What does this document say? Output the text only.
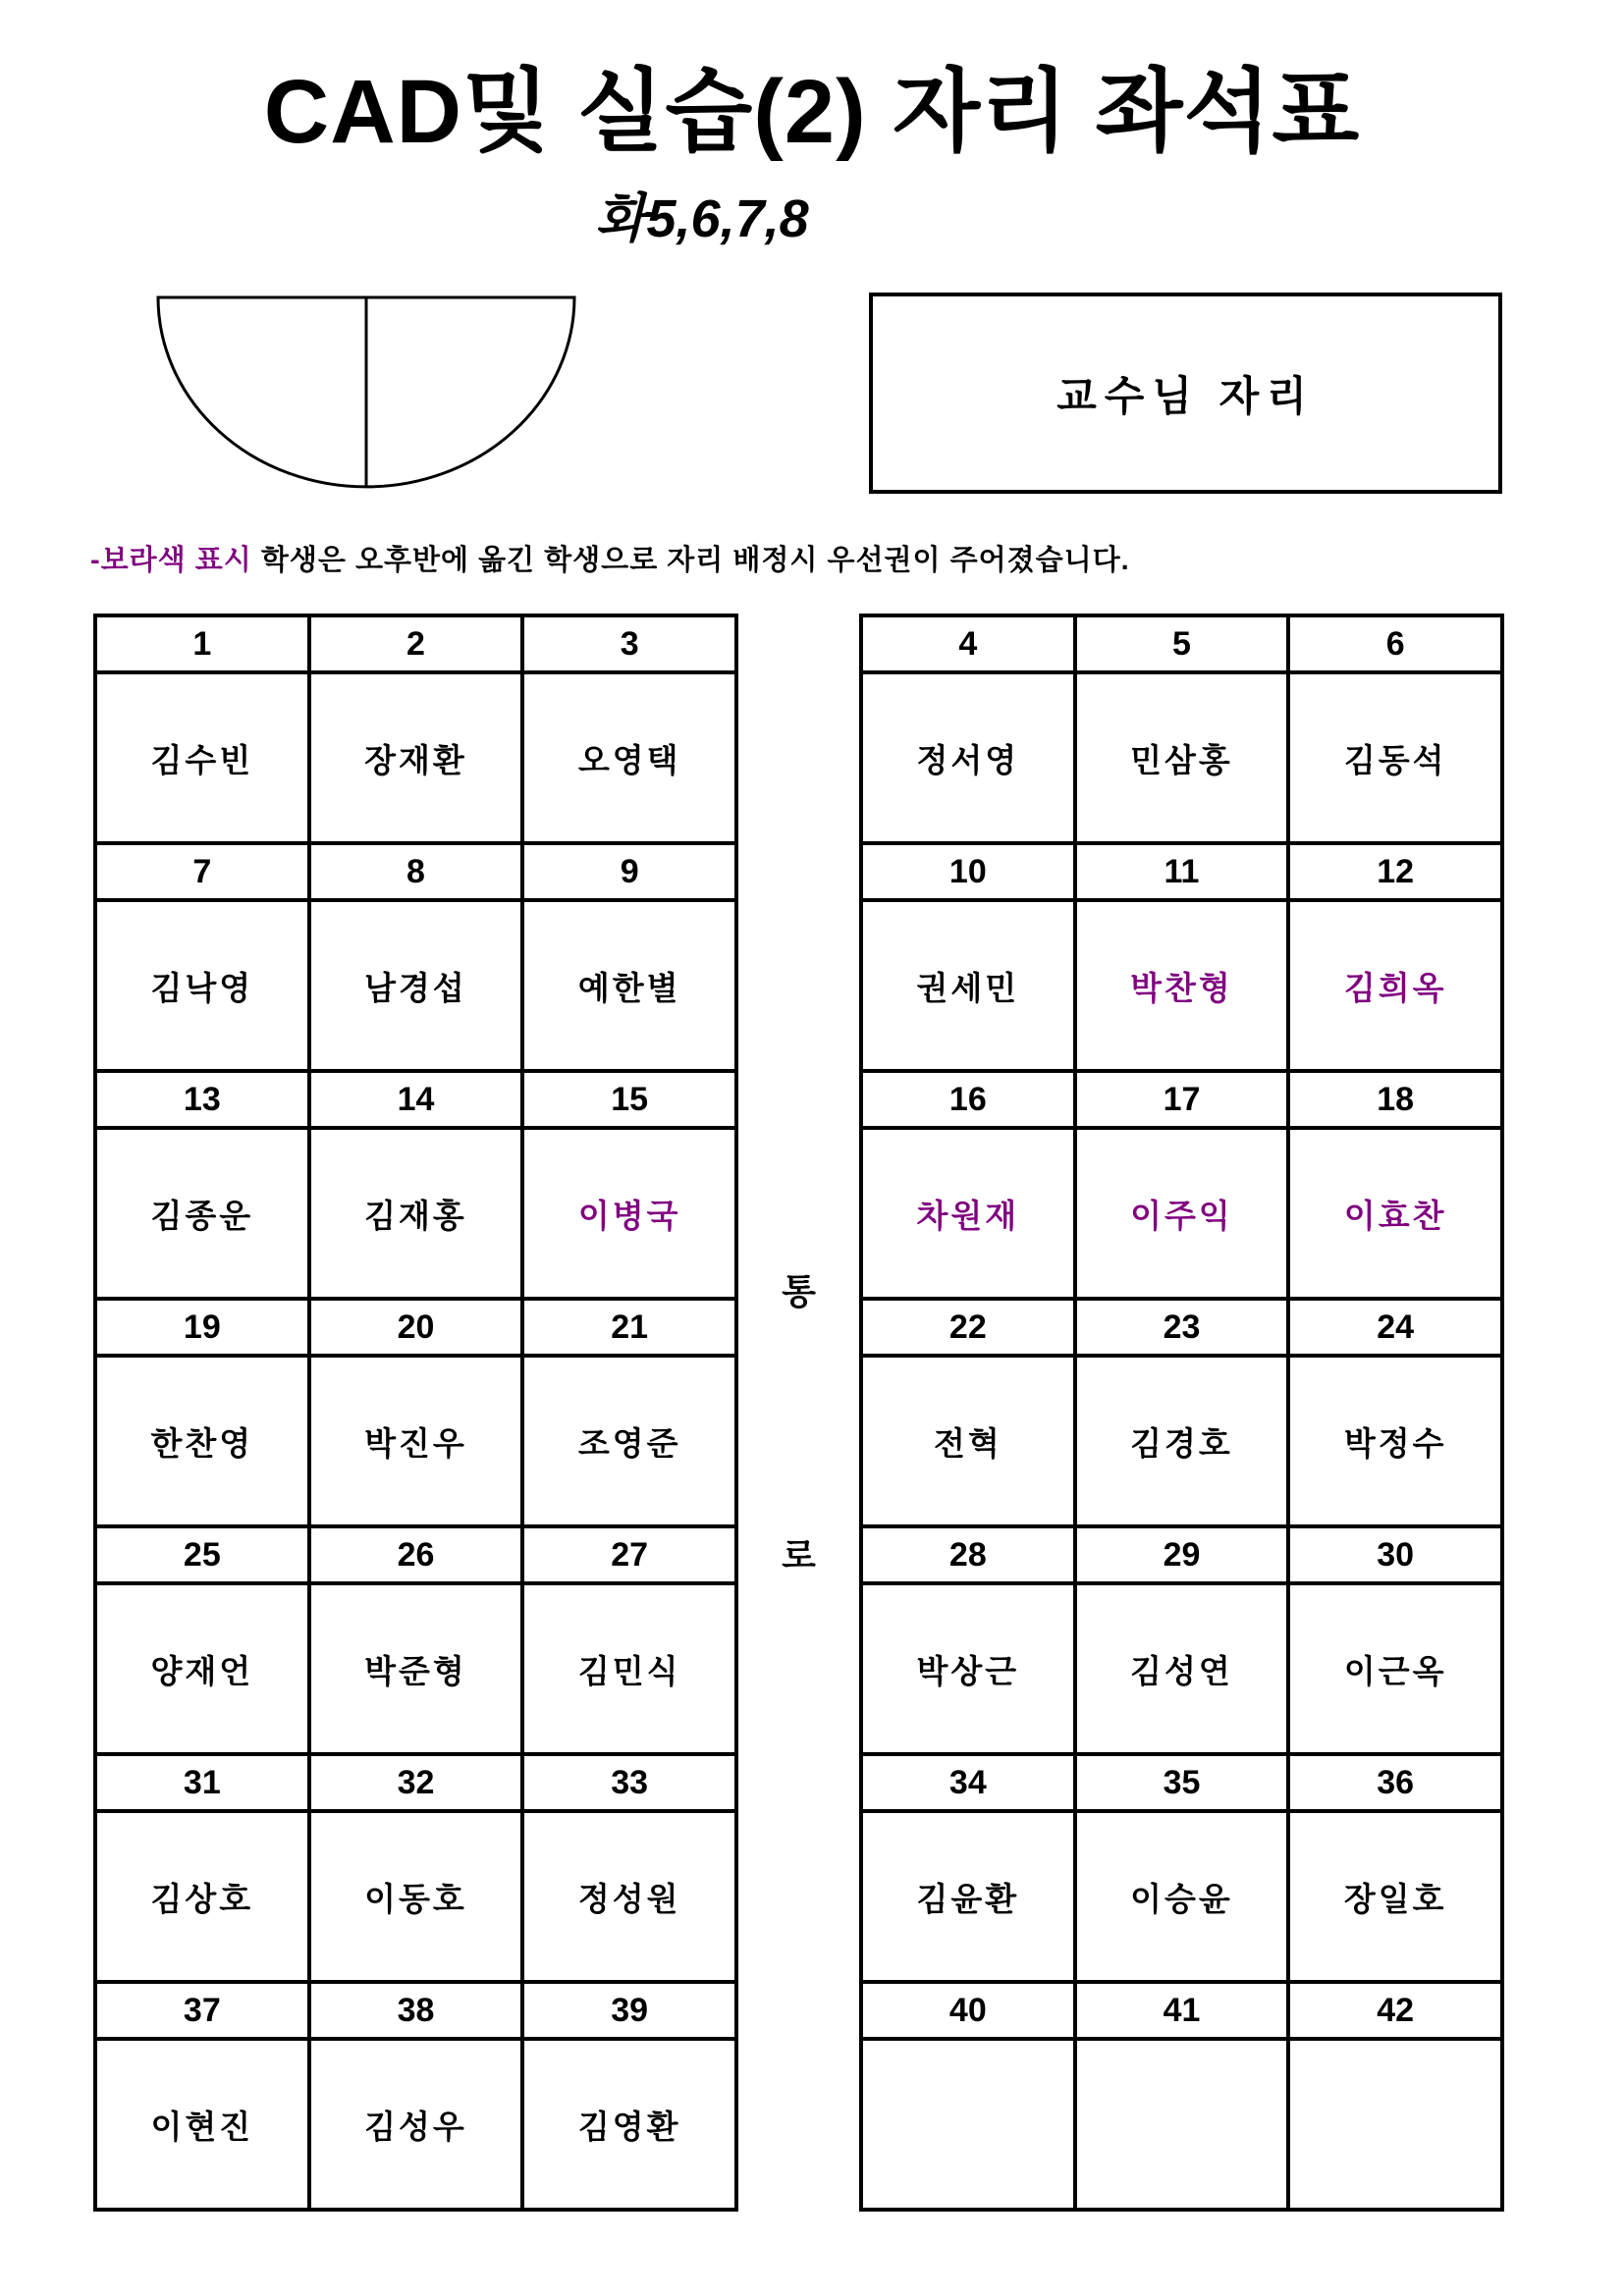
CAD및 실습(2) 자리 좌석표
화5,6,7,8
교수님 자리
-보라색 표시 학생은 오후반에 옮긴 학생으로 자리 배정시 우선권이 주어졌습니다.
1	2	3
김수빈	장재환	오영택
7	8	9
김낙영	남경섭	예한별
13	14	15
김종운	김재홍	이병국
19	20	21
한찬영	박진우	조영준
25	26	27
양재언	박준형	김민식
31	32	33
김상호	이동호	정성원
37	38	39
이현진	김성우	김영환
통
로
4	5	6
정서영	민삼홍	김동석
10	11	12
권세민	박찬형	김희옥
16	17	18
차원재	이주익	이효찬
22	23	24
전혁	김경호	박정수
28	29	30
박상근	김성연	이근옥
34	35	36
김윤환	이승윤	장일호
40	41	42
